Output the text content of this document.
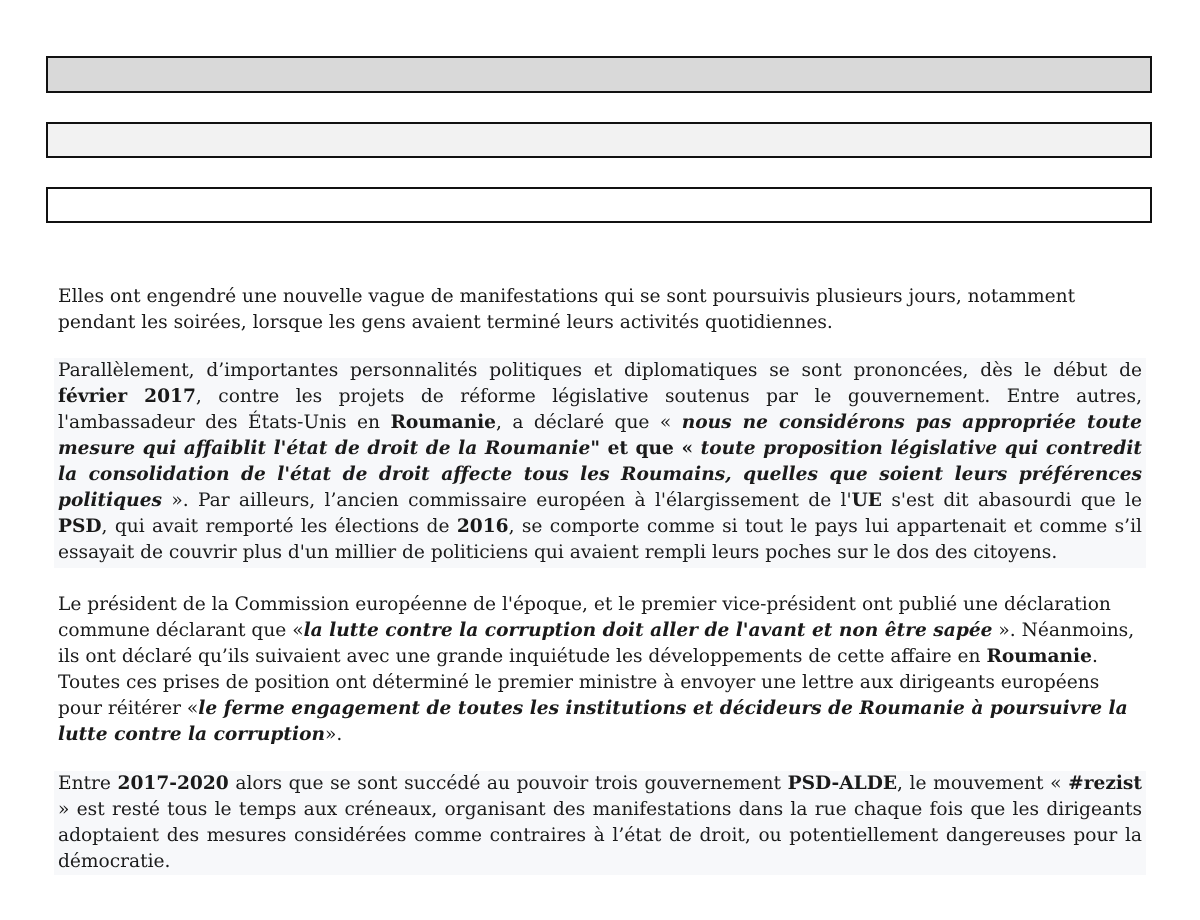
Elles ont engendré une nouvelle vague de manifestations qui se sont poursuivis plusieurs jours, notamment pendant les soirées, lorsque les gens avaient terminé leurs activités quotidiennes.

Parallèlement, d’importantes personnalités politiques et diplomatiques se sont prononcées, dès le début de février 2017, contre les projets de réforme législative soutenus par le gouvernement. Entre autres, l'ambassadeur des États-Unis en Roumanie, a déclaré que « nous ne considérons pas appropriée toute mesure qui affaiblit l'état de droit de la Roumanie" et que « toute proposition législative qui contredit la consolidation de l'état de droit affecte tous les Roumains, quelles que soient leurs préférences politiques ». Par ailleurs, l’ancien commissaire européen à l'élargissement de l'UE s'est dit abasourdi que le PSD, qui avait remporté les élections de 2016, se comporte comme si tout le pays lui appartenait et comme s’il essayait de couvrir plus d'un millier de politiciens qui avaient rempli leurs poches sur le dos des citoyens.

Le président de la Commission européenne de l'époque, et le premier vice-président ont publié une déclaration commune déclarant que «la lutte contre la corruption doit aller de l'avant et non être sapée ». Néanmoins, ils ont déclaré qu’ils suivaient avec une grande inquiétude les développements de cette affaire en Roumanie. Toutes ces prises de position ont déterminé le premier ministre à envoyer une lettre aux dirigeants européens pour réitérer «le ferme engagement de toutes les institutions et décideurs de Roumanie à poursuivre la lutte contre la corruption».

Entre 2017-2020 alors que se sont succédé au pouvoir trois gouvernement PSD-ALDE, le mouvement « #rezist » est resté tous le temps aux créneaux, organisant des manifestations dans la rue chaque fois que les dirigeants adoptaient des mesures considérées comme contraires à l’état de droit, ou potentiellement dangereuses pour la démocratie.
